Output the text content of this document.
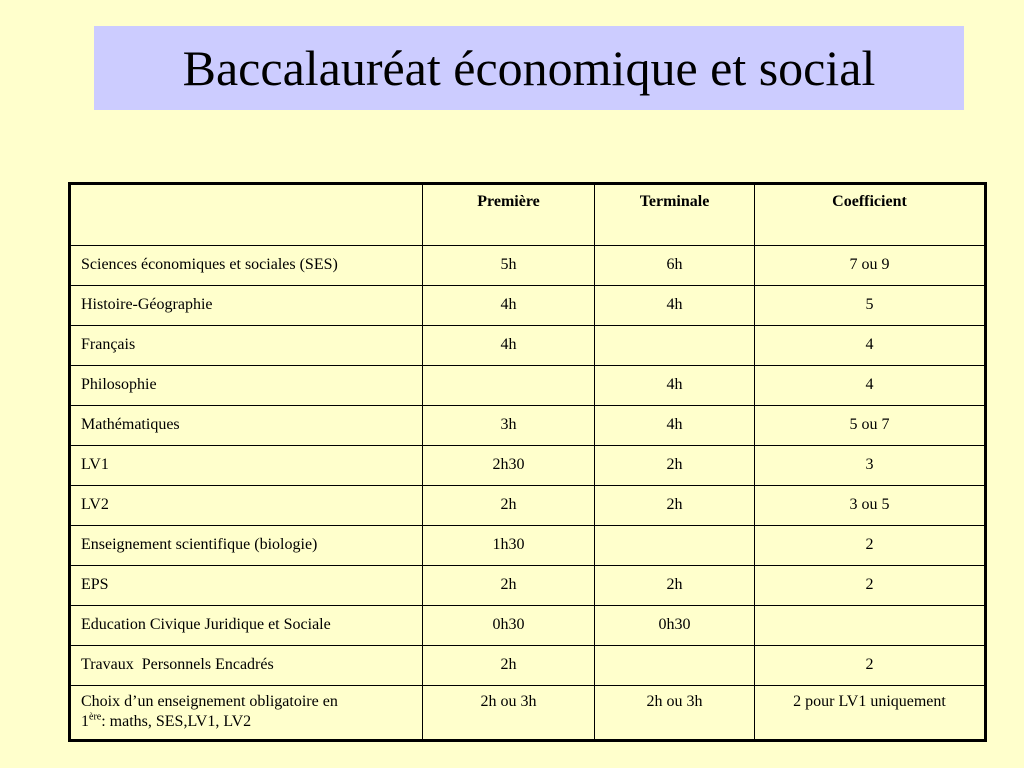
Baccalauréat économique et social
	Première	Terminale	Coefficient
Sciences économiques et sociales (SES)	5h	6h	7 ou 9
Histoire-Géographie	4h	4h	5
Français	4h		4
Philosophie		4h	4
Mathématiques	3h	4h	5 ou 7
LV1	2h30	2h	3
LV2	2h	2h	3 ou 5
Enseignement scientifique (biologie)	1h30		2
EPS	2h	2h	2
Education Civique Juridique et Sociale	0h30	0h30	
Travaux  Personnels Encadrés	2h		2
Choix d’un enseignement obligatoire en
1ère: maths, SES,LV1, LV2	2h ou 3h	2h ou 3h	2 pour LV1 uniquement
